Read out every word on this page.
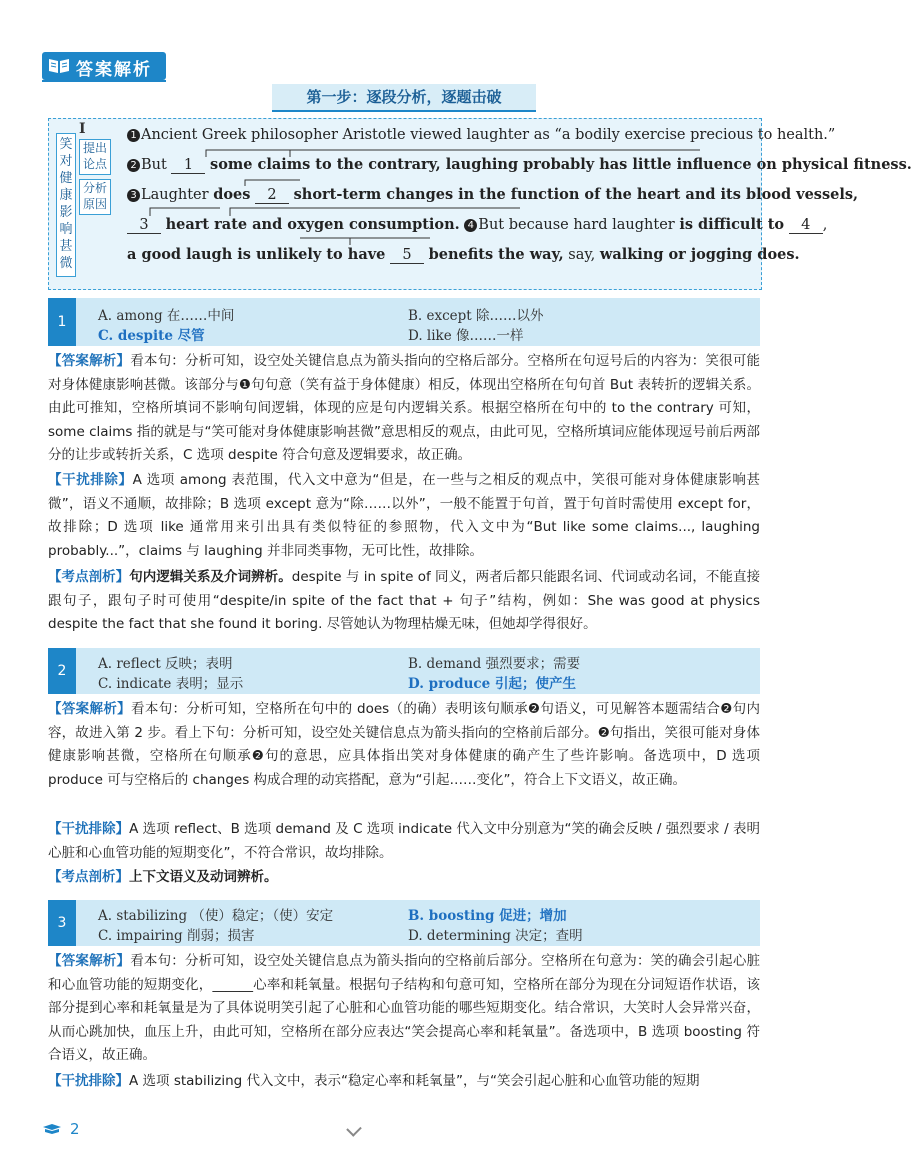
答案解析
第一步：逐段分析，逐题击破
笑对健康影响甚微
I
提出论点
分析原因
1 Ancient Greek philosopher Aristotle viewed laughter as “a bodily exercise precious to health.”
2 But 1 some claims to the contrary, laughing probably has little influence on physical fitness.
3 Laughter does 2 short-term changes in the function of the heart and its blood vessels,
3 heart rate and oxygen consumption. 4 But because hard laughter is difficult to 4 ,
a good laugh is unlikely to have 5 benefits the way, say, walking or jogging does.
1	A. among 在……中间	B. except 除……以外
C. despite 尽管	D. like 像……一样
【答案解析】看本句：分析可知，设空处关键信息点为箭头指向的空格后部分。空格所在句逗号后的内容为：笑很可能对身体健康影响甚微。该部分与❶句句意（笑有益于身体健康）相反，体现出空格所在句句首 But 表转折的逻辑关系。由此可推知，空格所填词不影响句间逻辑，体现的应是句内逻辑关系。根据空格所在句中的 to the contrary 可知，some claims 指的就是与“笑可能对身体健康影响甚微”意思相反的观点，由此可见，空格所填词应能体现逗号前后两部分的让步或转折关系，C 选项 despite 符合句意及逻辑要求，故正确。
【干扰排除】A 选项 among 表范围，代入文中意为“但是，在一些与之相反的观点中，笑很可能对身体健康影响甚微”，语义不通顺，故排除；B 选项 except 意为“除……以外”，一般不能置于句首，置于句首时需使用 except for，故排除；D 选项 like 通常用来引出具有类似特征的参照物，代入文中为“But like some claims..., laughing probably...”，claims 与 laughing 并非同类事物，无可比性，故排除。
【考点剖析】句内逻辑关系及介词辨析。despite 与 in spite of 同义，两者后都只能跟名词、代词或动名词，不能直接跟句子，跟句子时可使用“despite/in spite of the fact that + 句子”结构，例如：She was good at physics despite the fact that she found it boring. 尽管她认为物理枯燥无味，但她却学得很好。
2	A. reflect 反映；表明	B. demand 强烈要求；需要
C. indicate 表明；显示	D. produce 引起；使产生
【答案解析】看本句：分析可知，空格所在句中的 does（的确）表明该句顺承❷句语义，可见解答本题需结合❷句内容，故进入第 2 步。看上下句：分析可知，设空处关键信息点为箭头指向的空格前后部分。❷句指出，笑很可能对身体健康影响甚微，空格所在句顺承❷句的意思，应具体指出笑对身体健康的确产生了些许影响。备选项中，D 选项 produce 可与空格后的 changes 构成合理的动宾搭配，意为“引起……变化”，符合上下文语义，故正确。
【干扰排除】A 选项 reflect、B 选项 demand 及 C 选项 indicate 代入文中分别意为“笑的确会反映 / 强烈要求 / 表明心脏和心血管功能的短期变化”，不符合常识，故均排除。
【考点剖析】上下文语义及动词辨析。
3	A. stabilizing （使）稳定；（使）安定	B. boosting 促进；增加
C. impairing 削弱；损害	D. determining 决定；查明
【答案解析】看本句：分析可知，设空处关键信息点为箭头指向的空格前后部分。空格所在句意为：笑的确会引起心脏和心血管功能的短期变化，______心率和耗氧量。根据句子结构和句意可知，空格所在部分为现在分词短语作状语，该部分提到心率和耗氧量是为了具体说明笑引起了心脏和心血管功能的哪些短期变化。结合常识，大笑时人会异常兴奋，从而心跳加快，血压上升，由此可知，空格所在部分应表达“笑会提高心率和耗氧量”。备选项中，B 选项 boosting 符合语义，故正确。
【干扰排除】A 选项 stabilizing 代入文中，表示“稳定心率和耗氧量”，与“笑会引起心脏和心血管功能的短期
2
